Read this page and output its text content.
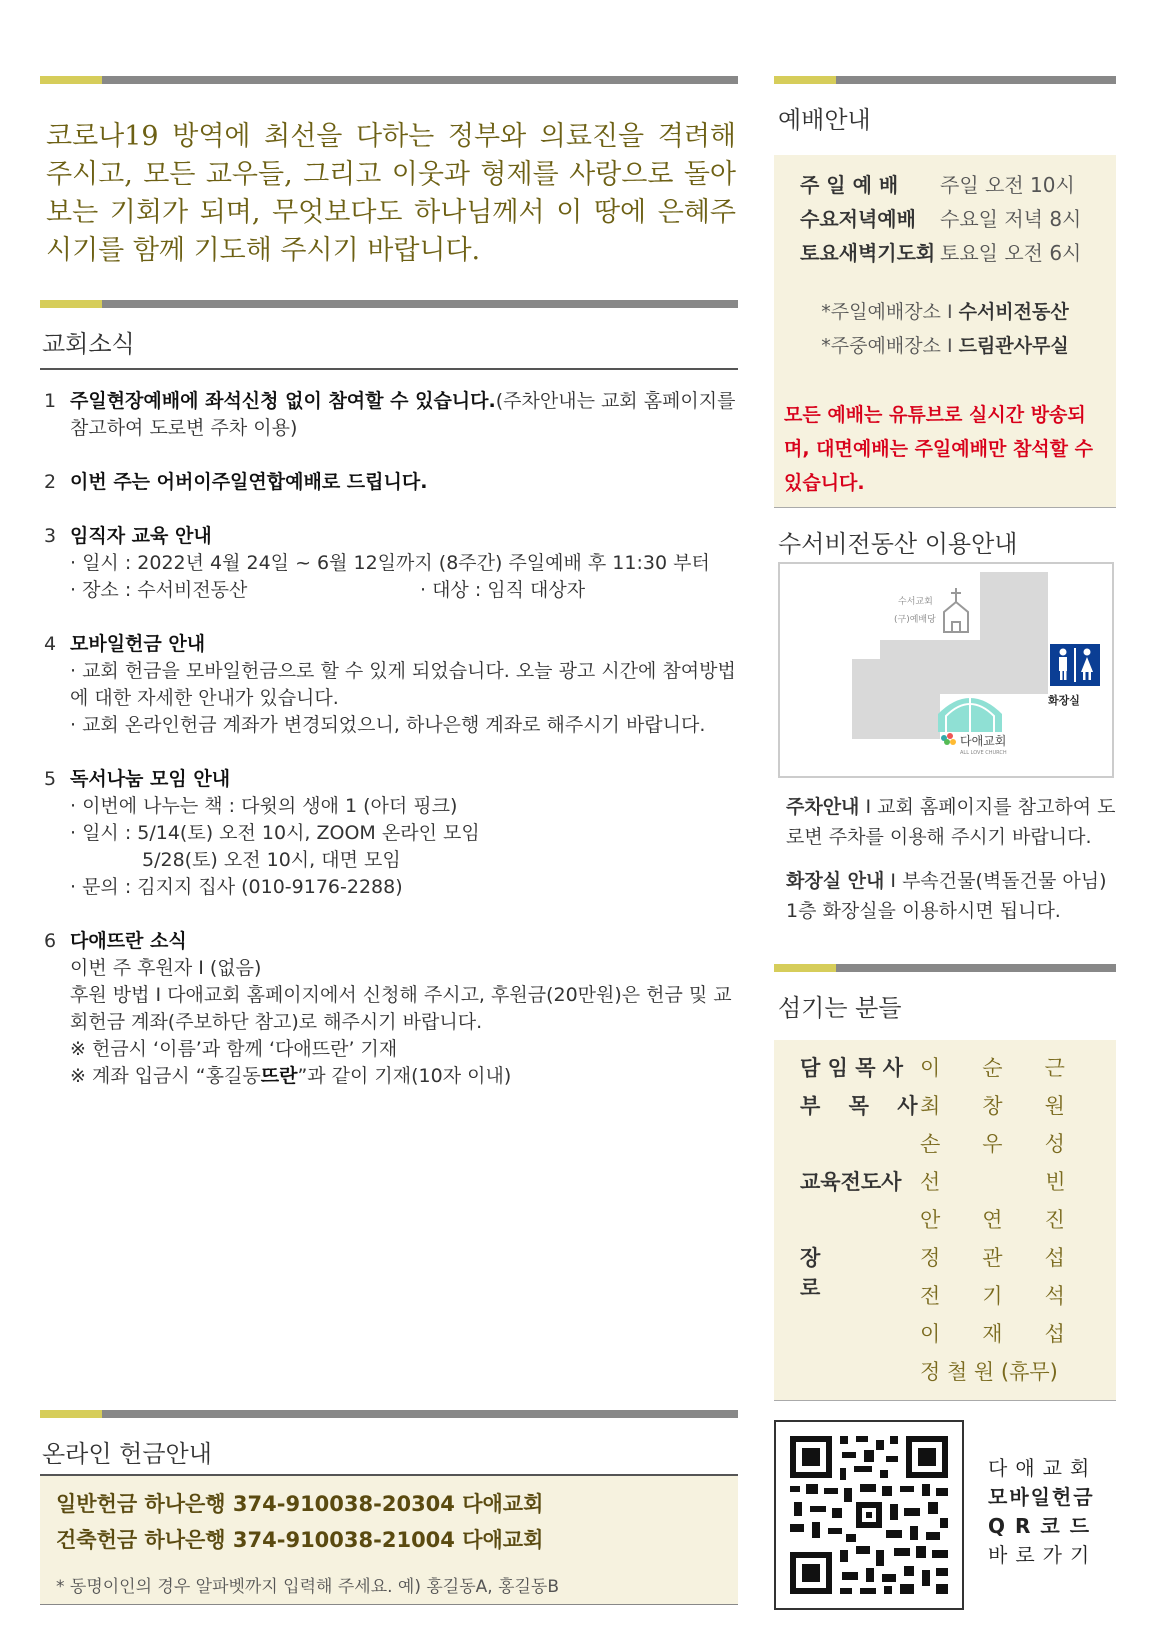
코로나19 방역에 최선을 다하는 정부와 의료진을 격려해 주시고, 모든 교우들, 그리고 이웃과 형제를 사랑으로 돌아보는 기회가 되며, 무엇보다도 하나님께서 이 땅에 은혜주시기를 함께 기도해 주시기 바랍니다.
교회소식
1 주일현장예배에 좌석신청 없이 참여할 수 있습니다.(주차안내는 교회 홈페이지를 참고하여 도로변 주차 이용)
2 이번 주는 어버이주일연합예배로 드립니다.
3 임직자 교육 안내
· 일시 : 2022년 4월 24일 ~ 6월 12일까지 (8주간) 주일예배 후 11:30 부터
· 장소 : 수서비전동산	· 대상 : 임직 대상자
4 모바일헌금 안내
· 교회 헌금을 모바일헌금으로 할 수 있게 되었습니다. 오늘 광고 시간에 참여방법에 대한 자세한 안내가 있습니다.
· 교회 온라인헌금 계좌가 변경되었으니, 하나은행 계좌로 해주시기 바랍니다.
5 독서나눔 모임 안내
· 이번에 나누는 책 : 다윗의 생애 1 (아더 핑크)
· 일시 : 5/14(토) 오전 10시, ZOOM 온라인 모임
5/28(토) 오전 10시, 대면 모임
· 문의 : 김지지 집사 (010-9176-2288)
6 다애뜨란 소식
이번 주 후원자 I (없음)
후원 방법 I 다애교회 홈페이지에서 신청해 주시고, 후원금(20만원)은 헌금 및 교회헌금 계좌(주보하단 참고)로 해주시기 바랍니다.
※ 헌금시 ‘이름’과 함께 ‘다애뜨란’ 기재
※ 계좌 입금시 “홍길동뜨란”과 같이 기재(10자 이내)
예배안내
주 일 예 배 주일 오전 10시
수요저녁예배 수요일 저녁 8시
토요새벽기도회 토요일 오전 6시
*주일예배장소 I 수서비전동산
*주중예배장소 I 드림관사무실
모든 예배는 유튜브로 실시간 방송되며, 대면예배는 주일예배만 참석할 수 있습니다.
수서비전동산 이용안내
수서교회
(구)예배당
화장실
다애교회
ALL LOVE CHURCH
주차안내 I 교회 홈페이지를 참고하여 도로변 주차를 이용해 주시기 바랍니다.
화장실 안내 I 부속건물(벽돌건물 아님) 1층 화장실을 이용하시면 됩니다.
섬기는 분들
담 임 목 사 이　　순　　근
부 　목 　사 최　　창　　원
손　　우　　성
교육전도사 선　　　　　빈
안　　연　　진
장　　　　로
정　　관　　섭
전　　기　　석
이　　재　　섭
정 철 원 (휴무)
온라인 헌금안내
일반헌금 하나은행 374-910038-20304 다애교회
건축헌금 하나은행 374-910038-21004 다애교회
* 동명이인의 경우 알파벳까지 입력해 주세요. 예) 홍길동A, 홍길동B
다애교회
모바일헌금
QR코드
바로가기
